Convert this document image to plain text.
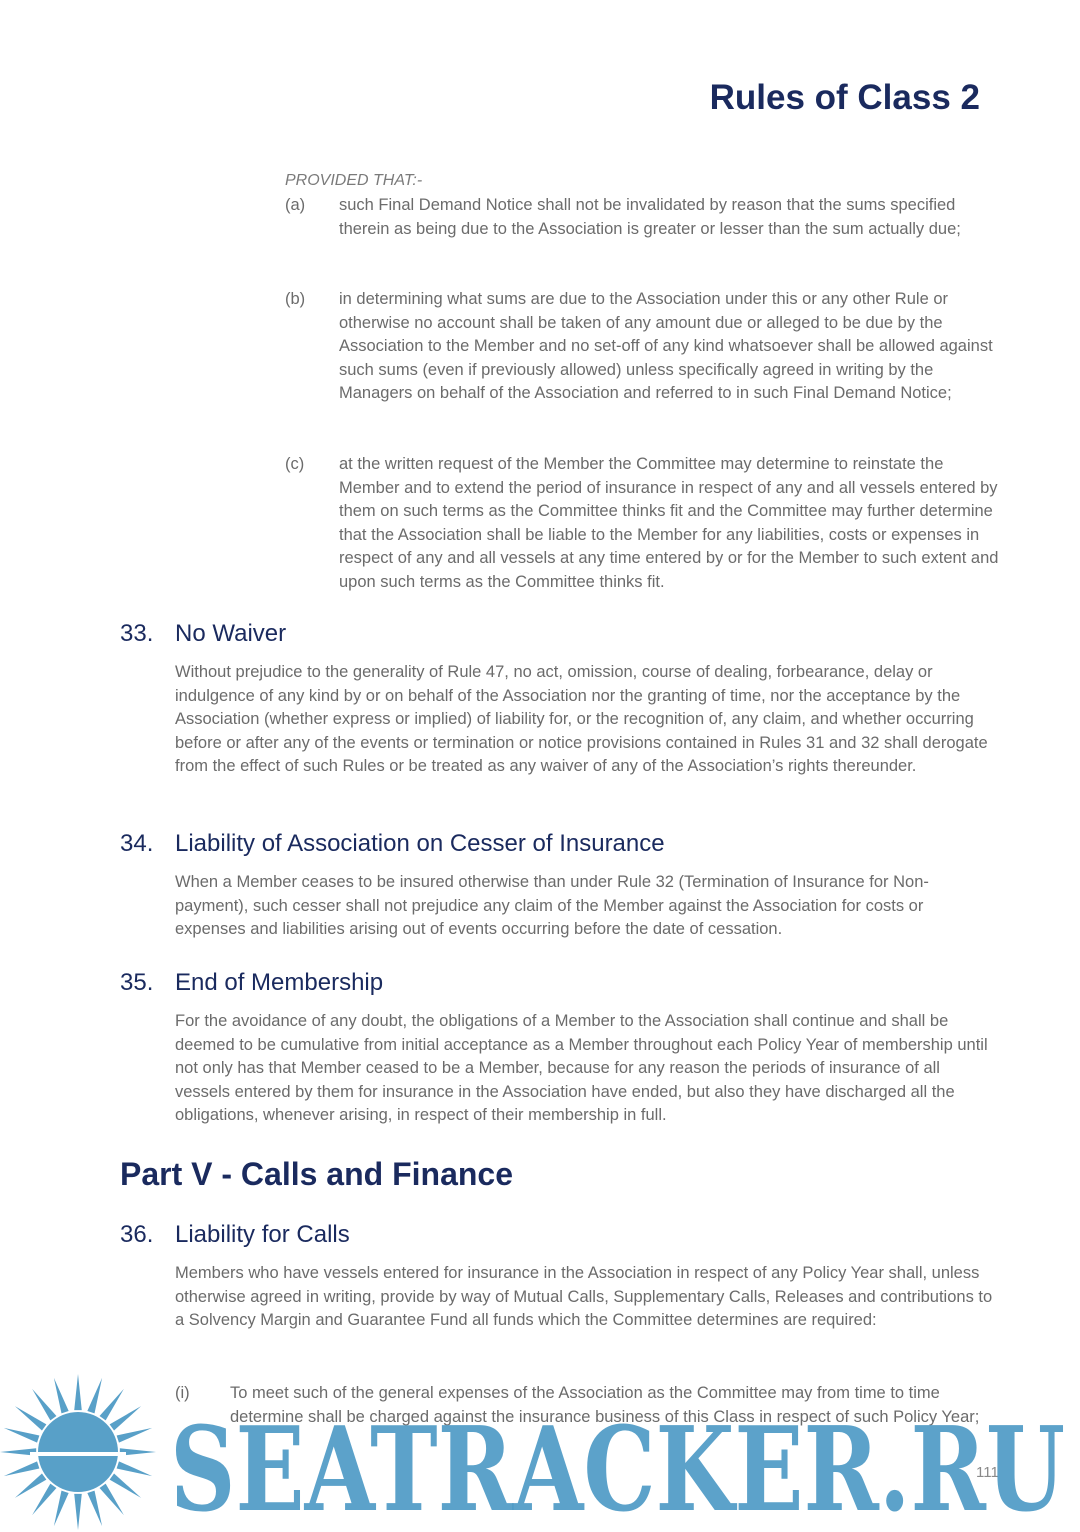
Rules of Class 2
PROVIDED THAT:-
(a) such Final Demand Notice shall not be invalidated by reason that the sums specified therein as being due to the Association is greater or lesser than the sum actually due;
(b) in determining what sums are due to the Association under this or any other Rule or otherwise no account shall be taken of any amount due or alleged to be due by the Association to the Member and no set-off of any kind whatsoever shall be allowed against such sums (even if previously allowed) unless specifically agreed in writing by the Managers on behalf of the Association and referred to in such Final Demand Notice;
(c) at the written request of the Member the Committee may determine to reinstate the Member and to extend the period of insurance in respect of any and all vessels entered by them on such terms as the Committee thinks fit and the Committee may further determine that the Association shall be liable to the Member for any liabilities, costs or expenses in respect of any and all vessels at any time entered by or for the Member to such extent and upon such terms as the Committee thinks fit.
33. No Waiver
Without prejudice to the generality of Rule 47, no act, omission, course of dealing, forbearance, delay or indulgence of any kind by or on behalf of the Association nor the granting of time, nor the acceptance by the Association (whether express or implied) of liability for, or the recognition of, any claim, and whether occurring before or after any of the events or termination or notice provisions contained in Rules 31 and 32 shall derogate from the effect of such Rules or be treated as any waiver of any of the Association’s rights thereunder.
34. Liability of Association on Cesser of Insurance
When a Member ceases to be insured otherwise than under Rule 32 (Termination of Insurance for Non-payment), such cesser shall not prejudice any claim of the Member against the Association for costs or expenses and liabilities arising out of events occurring before the date of cessation.
35. End of Membership
For the avoidance of any doubt, the obligations of a Member to the Association shall continue and shall be deemed to be cumulative from initial acceptance as a Member throughout each Policy Year of membership until not only has that Member ceased to be a Member, because for any reason the periods of insurance of all vessels entered by them for insurance in the Association have ended, but also they have discharged all the obligations, whenever arising, in respect of their membership in full.
Part V - Calls and Finance
36. Liability for Calls
Members who have vessels entered for insurance in the Association in respect of any Policy Year shall, unless otherwise agreed in writing, provide by way of Mutual Calls, Supplementary Calls, Releases and contributions to a Solvency Margin and Guarantee Fund all funds which the Committee determines are required:
(i) To meet such of the general expenses of the Association as the Committee may from time to time determine shall be charged against the insurance business of this Class in respect of such Policy Year;
111
SEATRACKER.RU
